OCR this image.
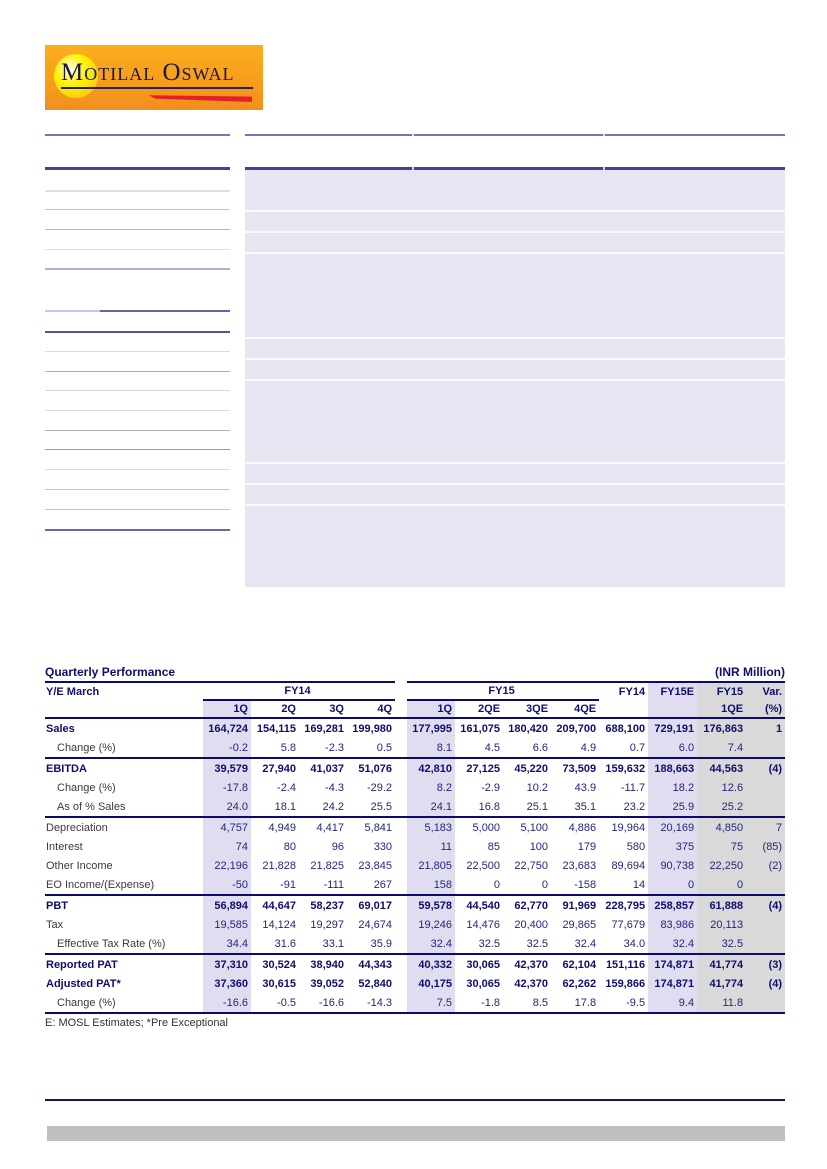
Motilal Oswal
Quarterly Performance	(INR Million)
Y/E March	FY14					FY15				FY14	FY15E	FY15	Var.
	1Q	2Q	3Q	4Q		1Q	2QE	3QE	4QE			1QE	(%)
Sales	164,724	154,115	169,281	199,980		177,995	161,075	180,420	209,700	688,100	729,191	176,863	1
Change (%)	-0.2	5.8	-2.3	0.5		8.1	4.5	6.6	4.9	0.7	6.0	7.4	
EBITDA	39,579	27,940	41,037	51,076		42,810	27,125	45,220	73,509	159,632	188,663	44,563	(4)
Change (%)	-17.8	-2.4	-4.3	-29.2		8.2	-2.9	10.2	43.9	-11.7	18.2	12.6	
As of % Sales	24.0	18.1	24.2	25.5		24.1	16.8	25.1	35.1	23.2	25.9	25.2	
Depreciation	4,757	4,949	4,417	5,841		5,183	5,000	5,100	4,886	19,964	20,169	4,850	7
Interest	74	80	96	330		11	85	100	179	580	375	75	(85)
Other Income	22,196	21,828	21,825	23,845		21,805	22,500	22,750	23,683	89,694	90,738	22,250	(2)
EO Income/(Expense)	-50	-91	-111	267		158	0	0	-158	14	0	0	
PBT	56,894	44,647	58,237	69,017		59,578	44,540	62,770	91,969	228,795	258,857	61,888	(4)
Tax	19,585	14,124	19,297	24,674		19,246	14,476	20,400	29,865	77,679	83,986	20,113	
Effective Tax Rate (%)	34.4	31.6	33.1	35.9		32.4	32.5	32.5	32.4	34.0	32.4	32.5	
Reported PAT	37,310	30,524	38,940	44,343		40,332	30,065	42,370	62,104	151,116	174,871	41,774	(3)
Adjusted PAT*	37,360	30,615	39,052	52,840		40,175	30,065	42,370	62,262	159,866	174,871	41,774	(4)
Change (%)	-16.6	-0.5	-16.6	-14.3		7.5	-1.8	8.5	17.8	-9.5	9.4	11.8	
E: MOSL Estimates; *Pre Exceptional
